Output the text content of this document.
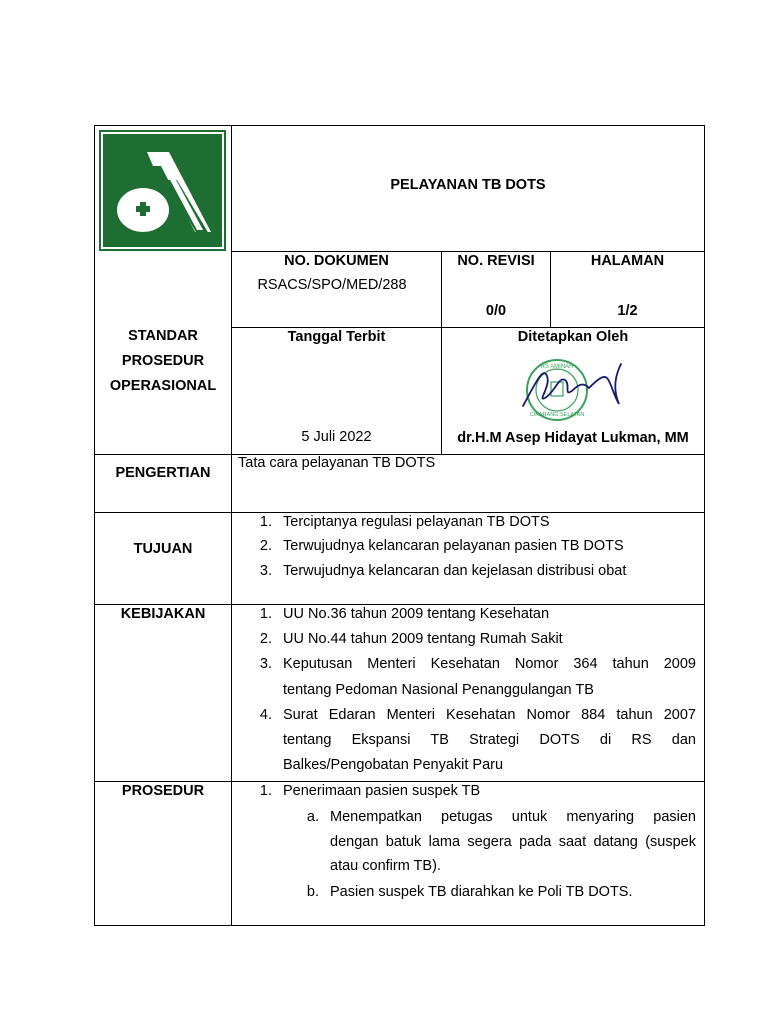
PELAYANAN TB DOTS
STANDAR
PROSEDUR
OPERASIONAL
NO. DOKUMEN
RSACS/SPO/MED/288
NO. REVISI
0/0
HALAMAN
1/2
Tanggal Terbit
5 Juli 2022
Ditetapkan Oleh
dr.H.M Asep Hidayat Lukman, MM
RS AMINAH
CIKARANG SELATAN
PENGERTIAN
Tata cara pelayanan TB DOTS
TUJUAN
1. Terciptanya regulasi pelayanan TB DOTS
2. Terwujudnya kelancaran pelayanan pasien TB DOTS
3. Terwujudnya kelancaran dan kejelasan distribusi obat
KEBIJAKAN	1. UU No.36 tahun 2009 tentang Kesehatan
2. UU No.44 tahun 2009 tentang Rumah Sakit
3. Keputusan Menteri Kesehatan Nomor 364 tahun 2009
tentang Pedoman Nasional Penanggulangan TB
4. Surat Edaran Menteri Kesehatan Nomor 884 tahun 2007
tentang Ekspansi TB Strategi DOTS di RS dan
Balkes/Pengobatan Penyakit Paru
PROSEDUR	1. Penerimaan pasien suspek TB
a. Menempatkan petugas untuk menyaring pasien
dengan batuk lama segera pada saat datang (suspek
atau confirm TB).
b. Pasien suspek TB diarahkan ke Poli TB DOTS.
